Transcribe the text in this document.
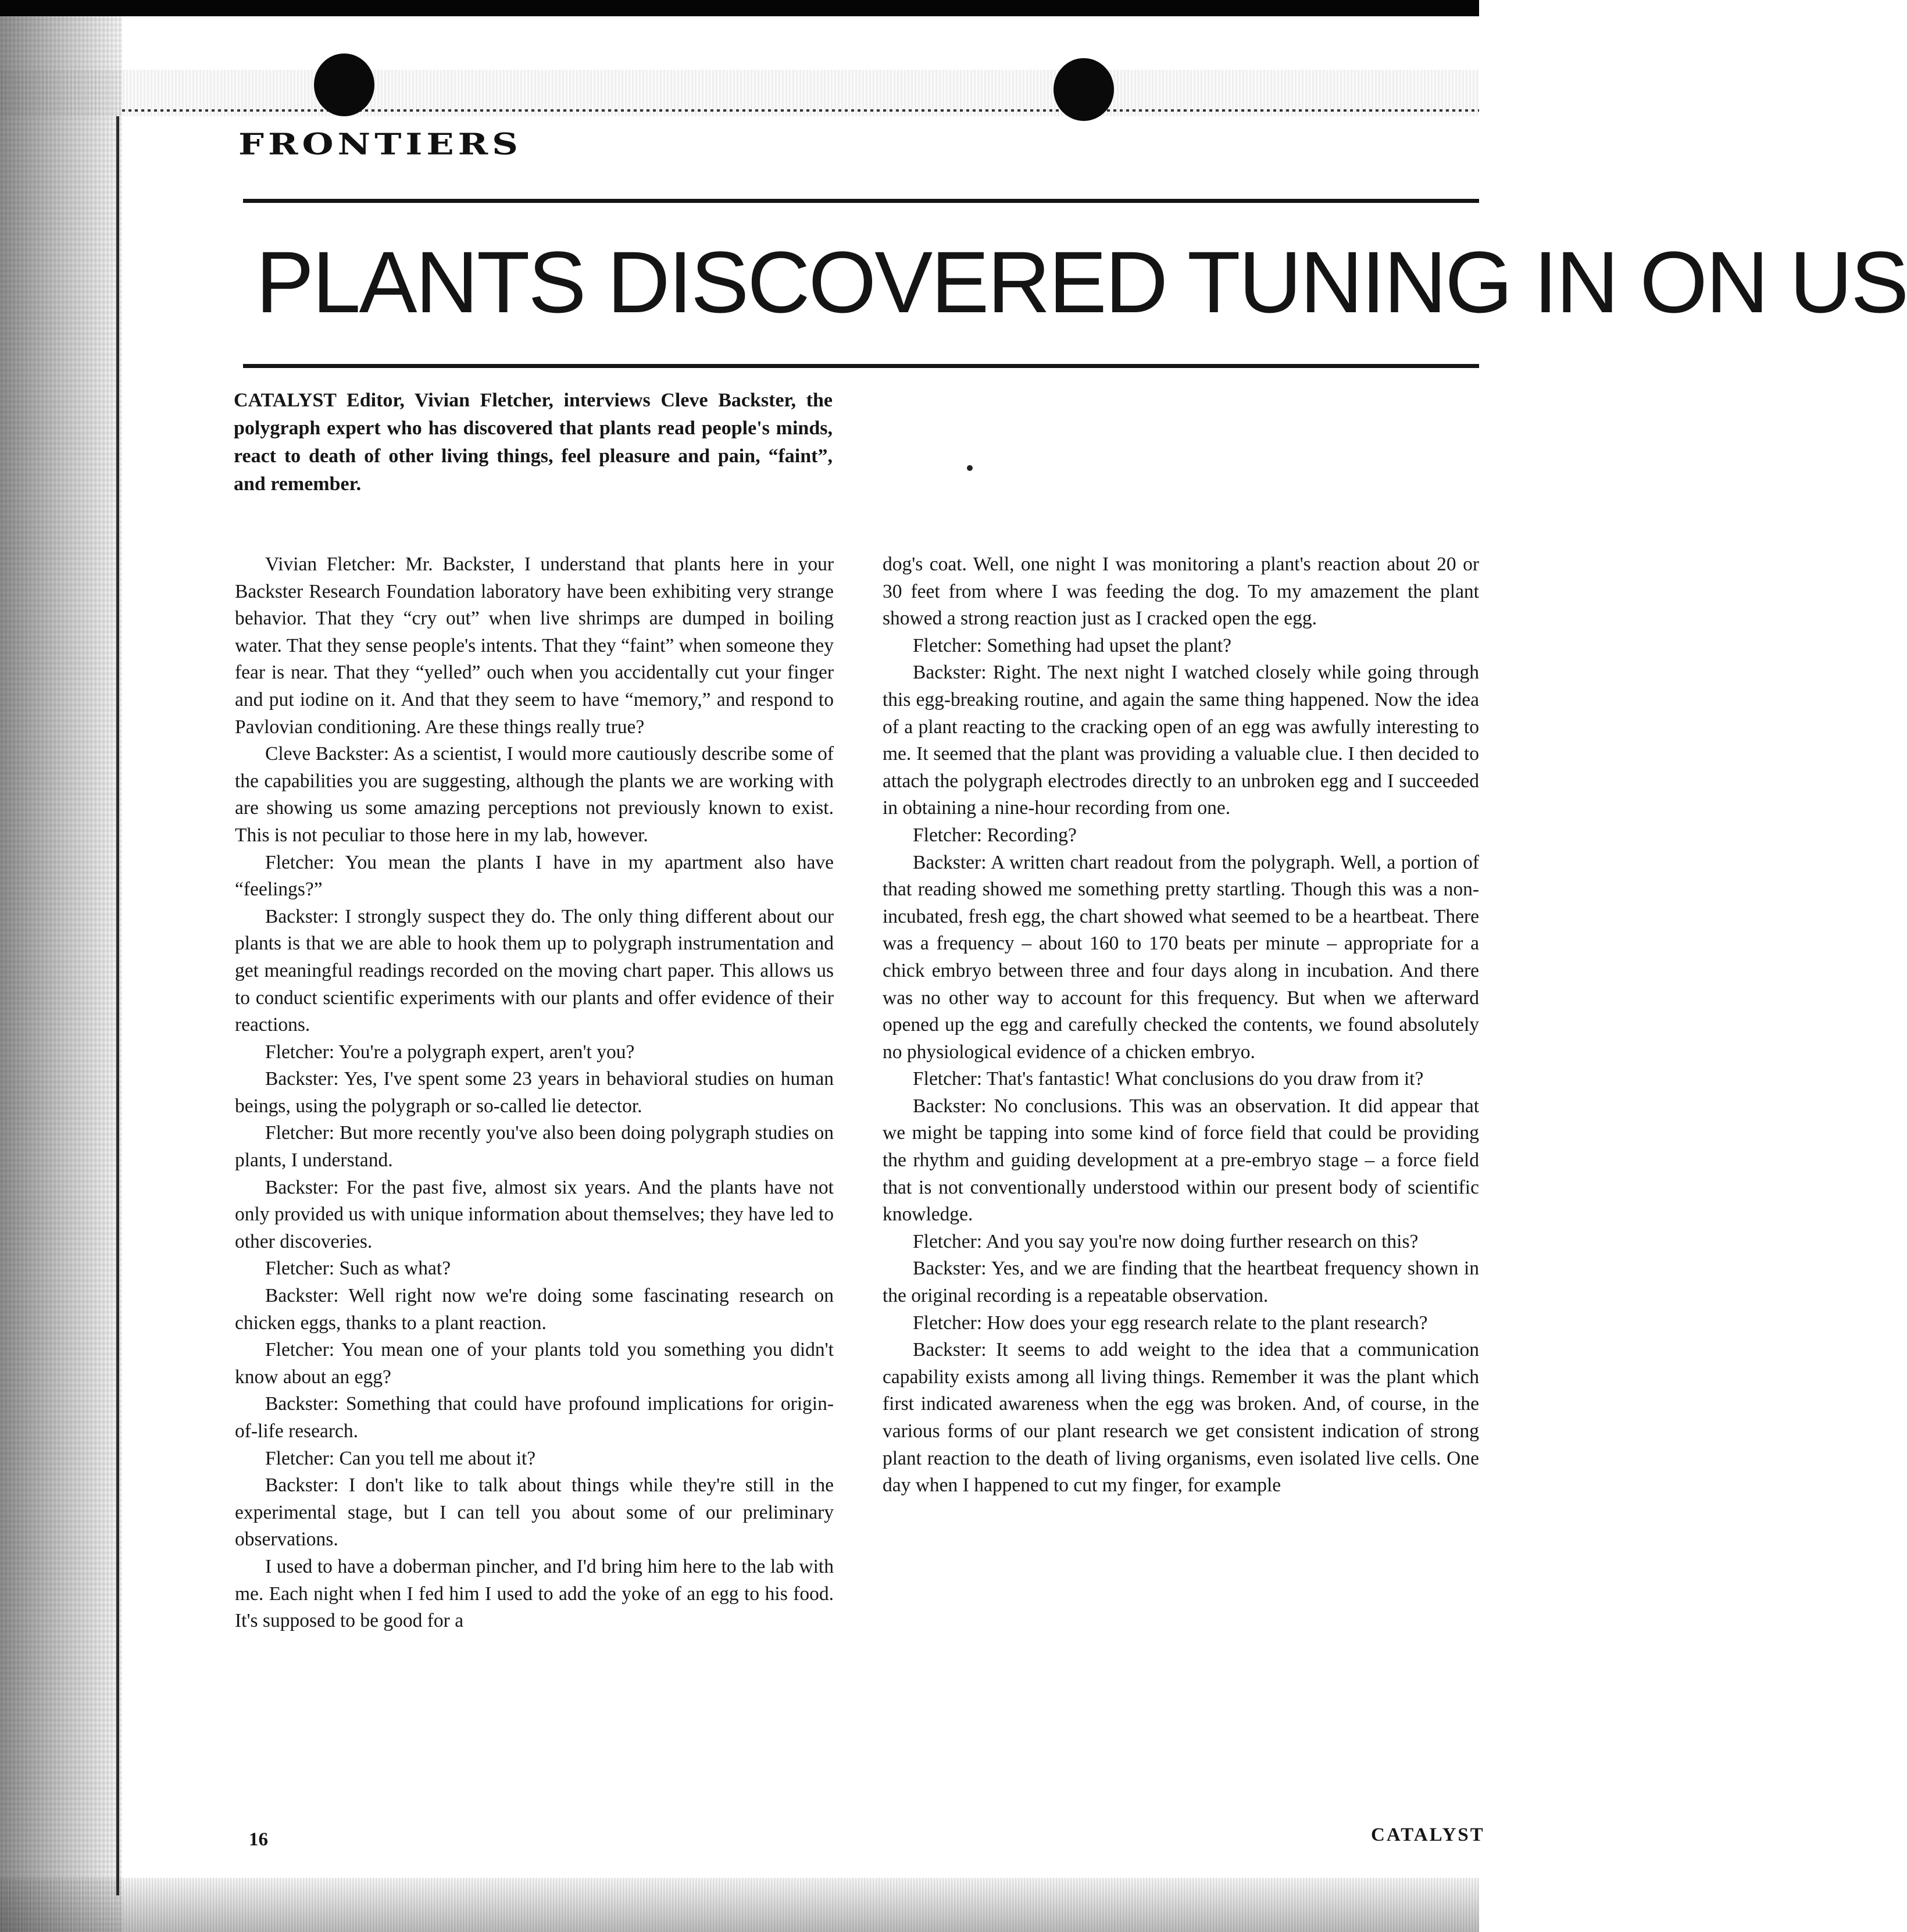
FRONTIERS
PLANTS DISCOVERED TUNING IN ON US

CATALYST Editor, Vivian Fletcher, interviews Cleve Backster, the polygraph expert who has discovered that plants read people's minds, react to death of other living things, feel pleasure and pain, “faint”, and remember.

Vivian Fletcher: Mr. Backster, I understand that plants here in your Backster Research Foundation laboratory have been exhibiting very strange behavior. That they “cry out” when live shrimps are dumped in boiling water. That they sense people's intents. That they “faint” when someone they fear is near. That they “yelled” ouch when you accidentally cut your finger and put iodine on it. And that they seem to have “memory,” and respond to Pavlovian conditioning. Are these things really true?

Cleve Backster: As a scientist, I would more cautiously describe some of the capabilities you are suggesting, although the plants we are working with are showing us some amazing perceptions not previously known to exist. This is not peculiar to those here in my lab, however.

Fletcher: You mean the plants I have in my apartment also have “feelings?”

Backster: I strongly suspect they do. The only thing different about our plants is that we are able to hook them up to polygraph instrumentation and get meaningful readings recorded on the moving chart paper. This allows us to conduct scientific experiments with our plants and offer evidence of their reactions.

Fletcher: You're a polygraph expert, aren't you?

Backster: Yes, I've spent some 23 years in behavioral studies on human beings, using the polygraph or so-called lie detector.

Fletcher: But more recently you've also been doing polygraph studies on plants, I understand.

Backster: For the past five, almost six years. And the plants have not only provided us with unique information about themselves; they have led to other discoveries.

Fletcher: Such as what?

Backster: Well right now we're doing some fascinating research on chicken eggs, thanks to a plant reaction.

Fletcher: You mean one of your plants told you something you didn't know about an egg?

Backster: Something that could have profound implications for origin-of-life research.

Fletcher: Can you tell me about it?

Backster: I don't like to talk about things while they're still in the experimental stage, but I can tell you about some of our preliminary observations.

I used to have a doberman pincher, and I'd bring him here to the lab with me. Each night when I fed him I used to add the yoke of an egg to his food. It's supposed to be good for a

dog's coat. Well, one night I was monitoring a plant's reaction about 20 or 30 feet from where I was feeding the dog. To my amazement the plant showed a strong reaction just as I cracked open the egg.

Fletcher: Something had upset the plant?

Backster: Right. The next night I watched closely while going through this egg-breaking routine, and again the same thing happened. Now the idea of a plant reacting to the cracking open of an egg was awfully interesting to me. It seemed that the plant was providing a valuable clue. I then decided to attach the polygraph electrodes directly to an unbroken egg and I succeeded in obtaining a nine-hour recording from one.

Fletcher: Recording?

Backster: A written chart readout from the polygraph. Well, a portion of that reading showed me something pretty startling. Though this was a non-incubated, fresh egg, the chart showed what seemed to be a heartbeat. There was a frequency – about 160 to 170 beats per minute – appropriate for a chick embryo between three and four days along in incubation. And there was no other way to account for this frequency. But when we afterward opened up the egg and carefully checked the contents, we found absolutely no physiological evidence of a chicken embryo.

Fletcher: That's fantastic! What conclusions do you draw from it?

Backster: No conclusions. This was an observation. It did appear that we might be tapping into some kind of force field that could be providing the rhythm and guiding development at a pre-embryo stage – a force field that is not conventionally understood within our present body of scientific knowledge.

Fletcher: And you say you're now doing further research on this?

Backster: Yes, and we are finding that the heartbeat frequency shown in the original recording is a repeatable observation.

Fletcher: How does your egg research relate to the plant research?

Backster: It seems to add weight to the idea that a communication capability exists among all living things. Remember it was the plant which first indicated awareness when the egg was broken. And, of course, in the various forms of our plant research we get consistent indication of strong plant reaction to the death of living organisms, even isolated live cells. One day when I happened to cut my finger, for example

16	CATALYST
